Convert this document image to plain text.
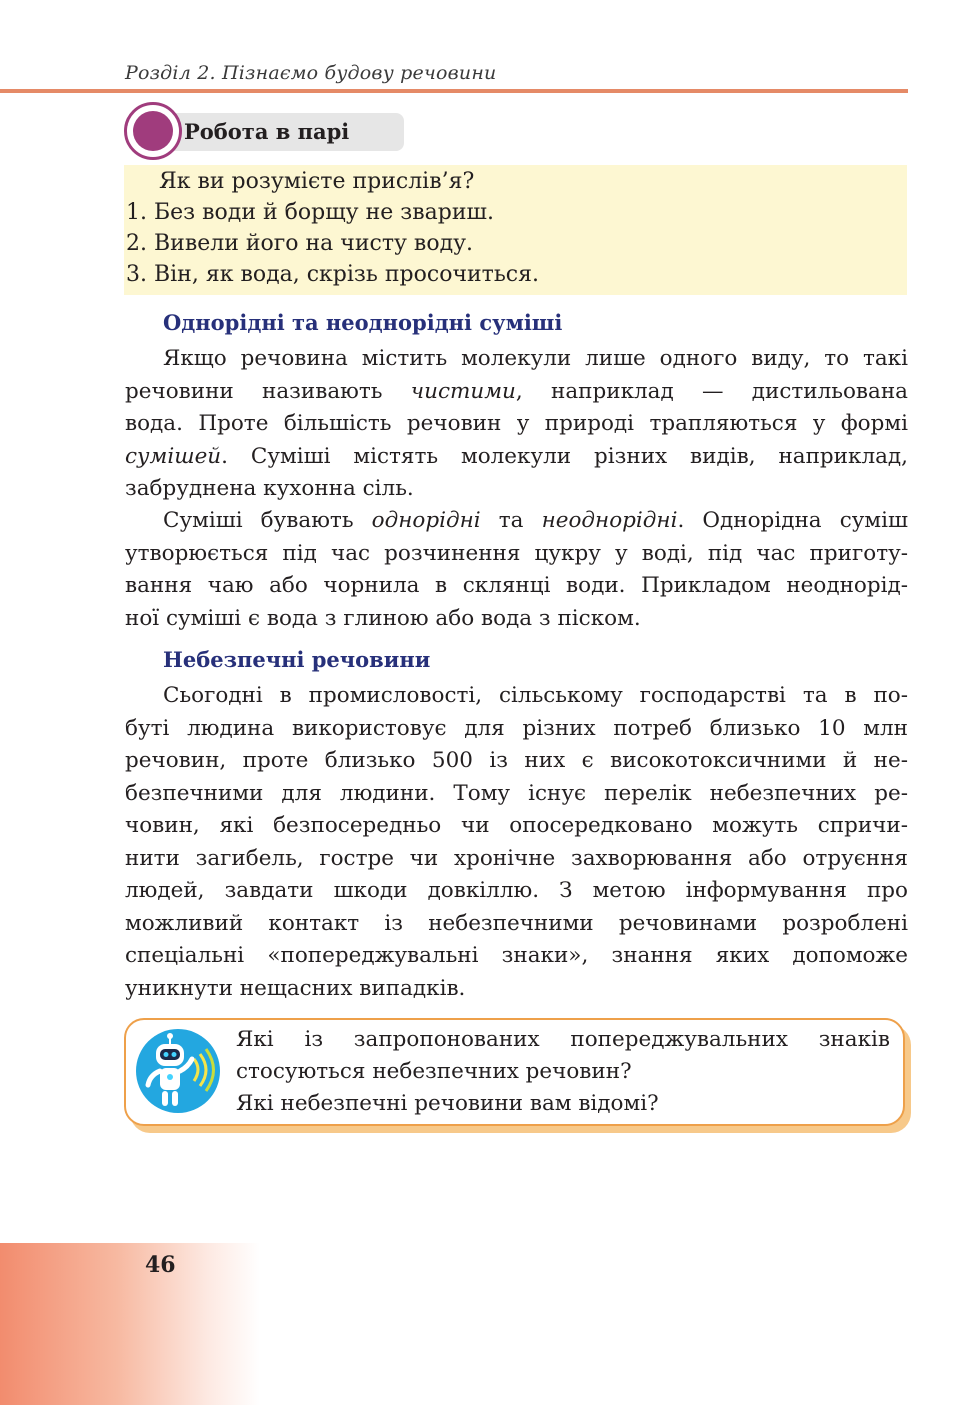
Розділ 2. Пізнаємо будову речовини
Робота в парі
Як ви розумієте прислів’я?
1. Без води й борщу не звариш.
2. Вивели його на чисту воду.
3. Він, як вода, скрізь просочиться.
Однорідні та неоднорідні суміші
Якщо речовина містить молекули лише одного виду, то такі
речовини називають чистими, наприклад — дистильована
вода. Проте більшість речовин у природі трапляються у формі
сумішей. Суміші містять молекули різних видів, наприклад,
забруднена кухонна сіль.
Суміші бувають однорідні та неоднорідні. Однорідна суміш
утворюється під час розчинення цукру у воді, під час приготу-
вання чаю або чорнила в склянці води. Прикладом неоднорід-
ної суміші є вода з глиною або вода з піском.
Небезпечні речовини
Сьогодні в промисловості, сільському господарстві та в по-
буті людина використовує для різних потреб близько 10 млн
речовин, проте близько 500 із них є високотоксичними й не-
безпечними для людини. Тому існує перелік небезпечних ре-
човин, які безпосередньо чи опосередковано можуть спричи-
нити загибель, гостре чи хронічне захворювання або отруєння
людей, завдати шкоди довкіллю. З метою інформування про
можливий контакт із небезпечними речовинами розроблені
спеціальні «попереджувальні знаки», знання яких допоможе
уникнути нещасних випадків.
Які із запропонованих попереджувальних знаків
стосуються небезпечних речовин?
Які небезпечні речовини вам відомі?
46
